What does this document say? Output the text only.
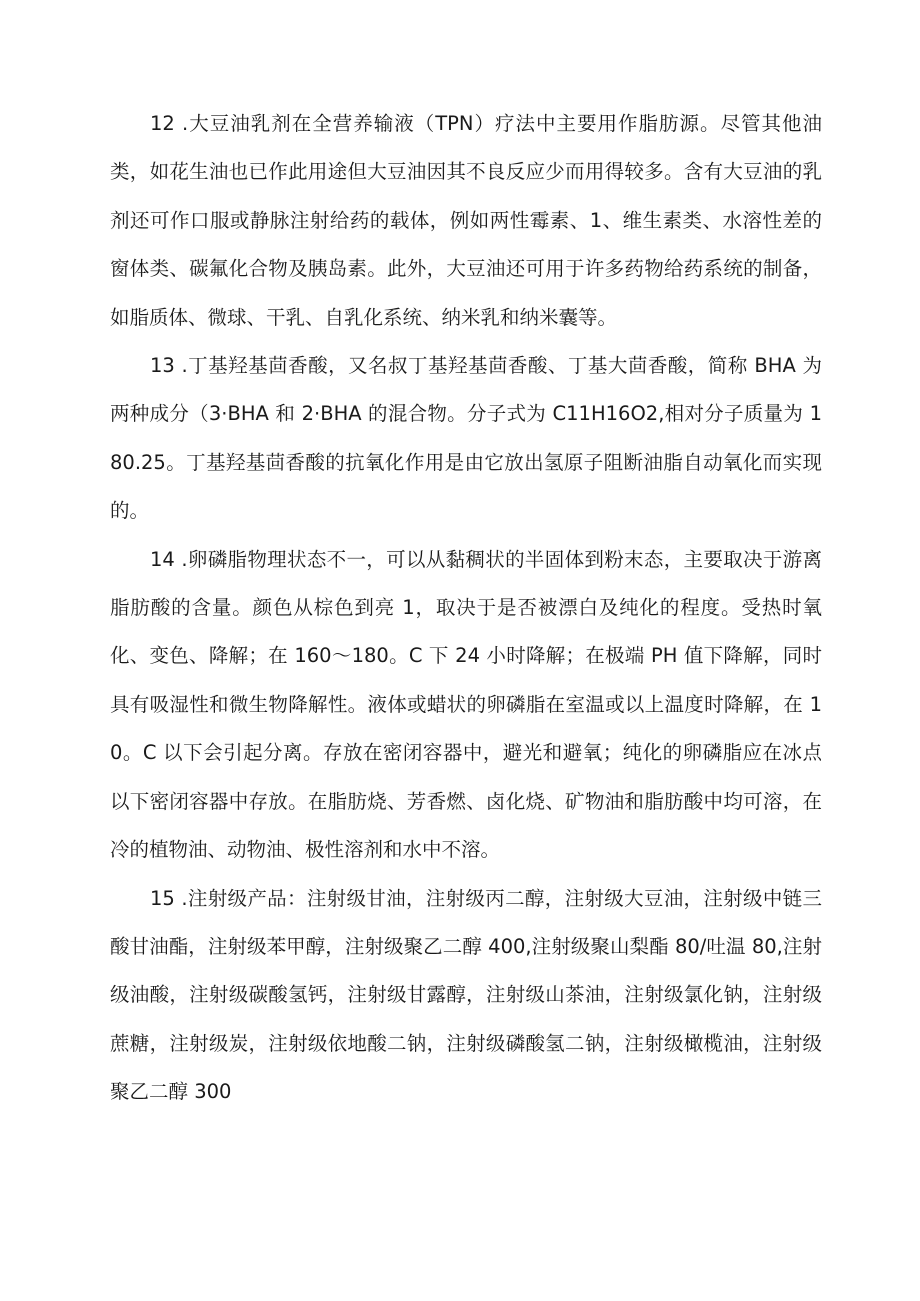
12 .大豆油乳剂在全营养输液（TPN）疗法中主要用作脂肪源。尽管其他油类，如花生油也已作此用途但大豆油因其不良反应少而用得较多。含有大豆油的乳剂还可作口服或静脉注射给药的载体，例如两性霉素、1、维生素类、水溶性差的窗体类、碳氟化合物及胰岛素。此外，大豆油还可用于许多药物给药系统的制备，如脂质体、微球、干乳、自乳化系统、纳米乳和纳米囊等。

13 .丁基羟基茴香酸，又名叔丁基羟基茴香酸、丁基大茴香酸，简称 BHA 为两种成分（3·BHA 和 2·BHA 的混合物。分子式为 C11H16O2,相对分子质量为 180.25。丁基羟基茴香酸的抗氧化作用是由它放出氢原子阻断油脂自动氧化而实现的。

14 .卵磷脂物理状态不一，可以从黏稠状的半固体到粉末态，主要取决于游离脂肪酸的含量。颜色从棕色到亮 1，取决于是否被漂白及纯化的程度。受热时氧化、变色、降解；在 160～180。C 下 24 小时降解；在极端 PH 值下降解，同时具有吸湿性和微生物降解性。液体或蜡状的卵磷脂在室温或以上温度时降解，在 10。C 以下会引起分离。存放在密闭容器中，避光和避氧；纯化的卵磷脂应在冰点以下密闭容器中存放。在脂肪烧、芳香燃、卤化烧、矿物油和脂肪酸中均可溶，在冷的植物油、动物油、极性溶剂和水中不溶。

15 .注射级产品：注射级甘油，注射级丙二醇，注射级大豆油，注射级中链三酸甘油酯，注射级苯甲醇，注射级聚乙二醇 400,注射级聚山梨酯 80/吐温 80,注射级油酸，注射级碳酸氢钙，注射级甘露醇，注射级山茶油，注射级氯化钠，注射级蔗糖，注射级炭，注射级依地酸二钠，注射级磷酸氢二钠，注射级橄榄油，注射级聚乙二醇 300
